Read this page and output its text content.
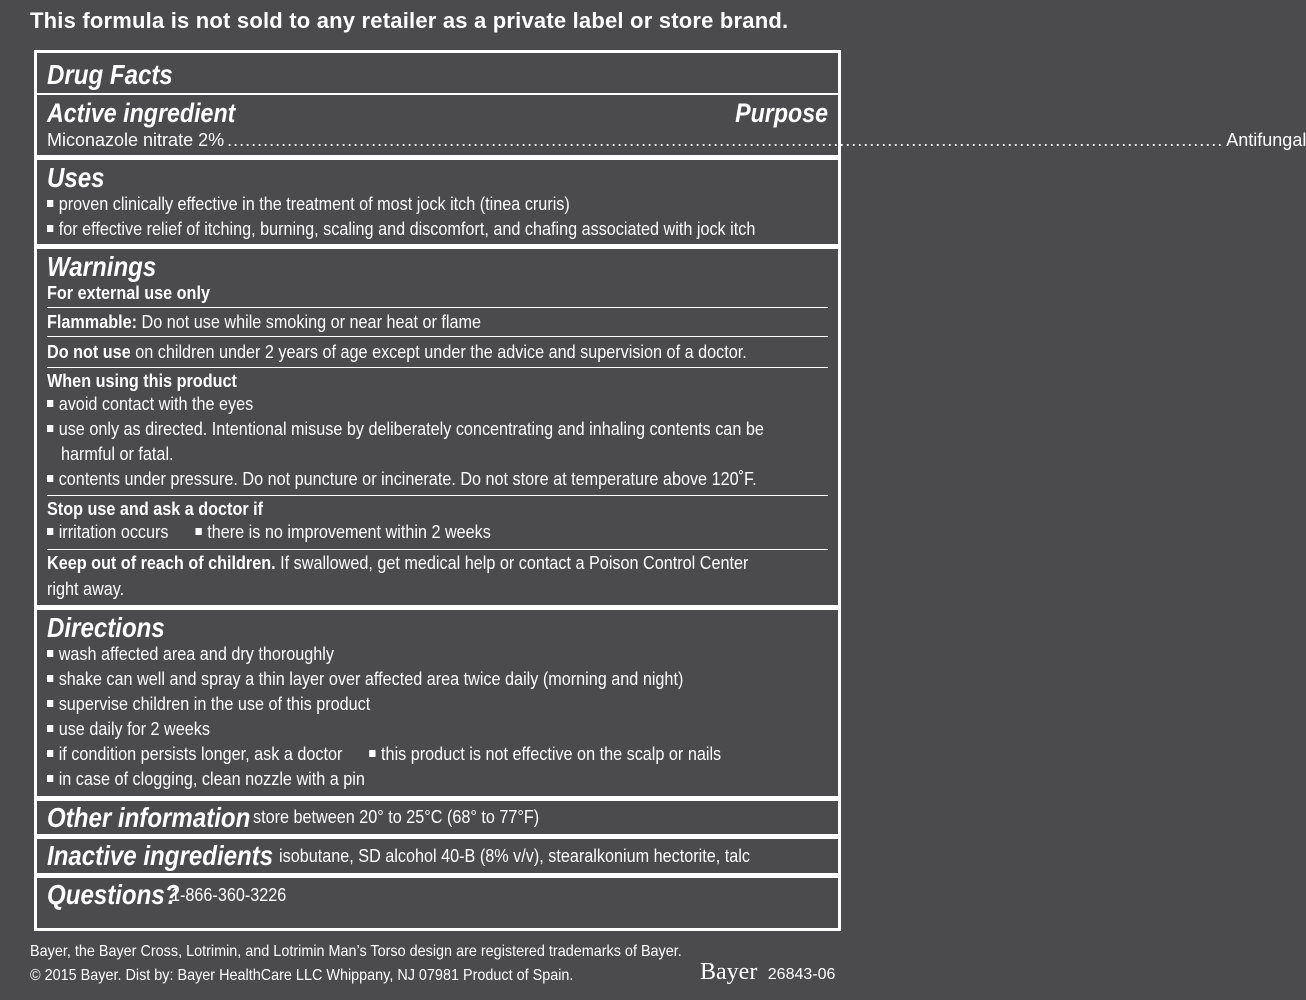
This formula is not sold to any retailer as a private label or store brand.
Drug Facts
Active ingredient	Purpose
Miconazole nitrate 2% ...................................................................................................................................................................... Antifungal
Uses
proven clinically effective in the treatment of most jock itch (tinea cruris)
for effective relief of itching, burning, scaling and discomfort, and chafing associated with jock itch
Warnings
For external use only
Flammable: Do not use while smoking or near heat or flame
Do not use on children under 2 years of age except under the advice and supervision of a doctor.
When using this product
avoid contact with the eyes
use only as directed. Intentional misuse by deliberately concentrating and inhaling contents can be
harmful or fatal.
contents under pressure. Do not puncture or incinerate. Do not store at temperature above 120˚F.
Stop use and ask a doctor if
irritation occurs there is no improvement within 2 weeks
Keep out of reach of children. If swallowed, get medical help or contact a Poison Control Center
right away.
Directions
wash affected area and dry thoroughly
shake can well and spray a thin layer over affected area twice daily (morning and night)
supervise children in the use of this product
use daily for 2 weeks
if condition persists longer, ask a doctor this product is not effective on the scalp or nails
in case of clogging, clean nozzle with a pin
Other information store between 20° to 25°C (68° to 77°F)
Inactive ingredients isobutane, SD alcohol 40-B (8% v/v), stearalkonium hectorite, talc
Questions?
1-866-360-3226
Bayer, the Bayer Cross, Lotrimin, and Lotrimin Man’s Torso design are registered trademarks of Bayer.
© 2015 Bayer. Dist by: Bayer HealthCare LLC Whippany, NJ 07981 Product of Spain.	Bayer 26843-06
